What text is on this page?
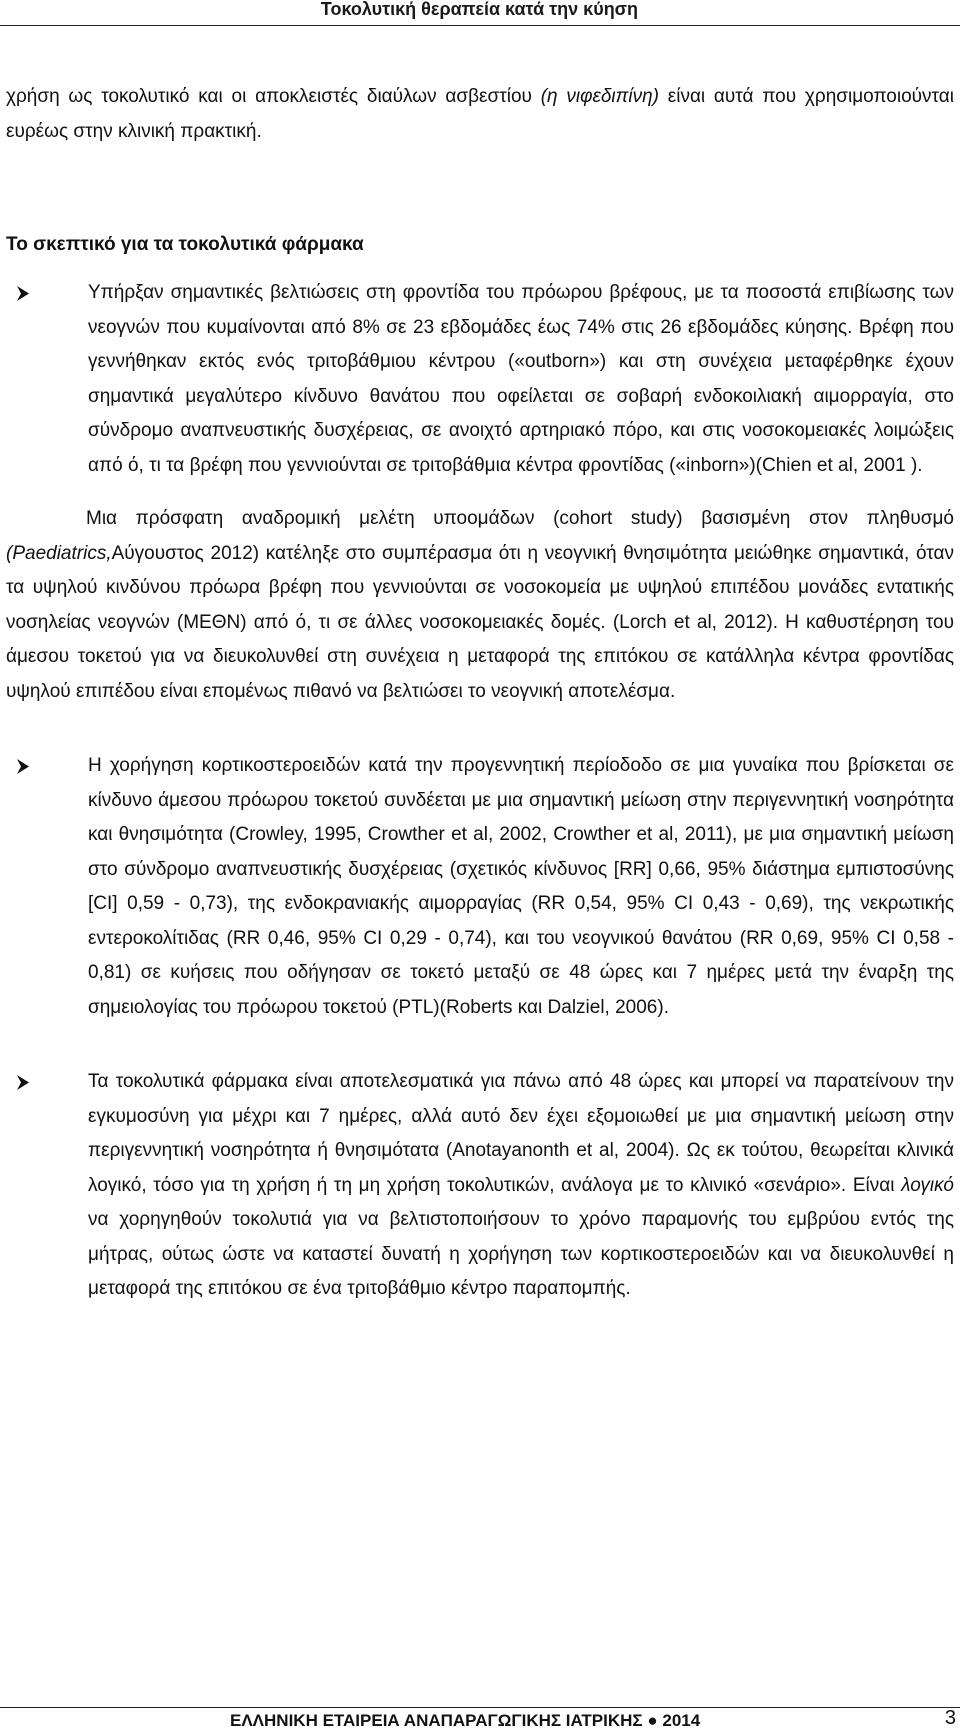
Τοκολυτική θεραπεία κατά την κύηση

χρήση ως τοκολυτικό και οι αποκλειστές διαύλων ασβεστίου (η νιφεδιπίνη) είναι αυτά που χρησιμοποιούνται ευρέως στην κλινική πρακτική.

Το σκεπτικό για τα τοκολυτικά φάρμακα

Υπήρξαν σημαντικές βελτιώσεις στη φροντίδα του πρόωρου βρέφους, με τα ποσοστά επιβίωσης των νεογνών που κυμαίνονται από 8% σε 23 εβδομάδες έως 74% στις 26 εβδομάδες κύησης. Βρέφη που γεννήθηκαν εκτός ενός τριτοβάθμιου κέντρου («outborn») και στη συνέχεια μεταφέρθηκε έχουν σημαντικά μεγαλύτερο κίνδυνο θανάτου που οφείλεται σε σοβαρή ενδοκοιλιακή αιμορραγία, στο σύνδρομο αναπνευστικής δυσχέρειας, σε ανοιχτό αρτηριακό πόρο, και στις νοσοκομειακές λοιμώξεις από ό, τι τα βρέφη που γεννιούνται σε τριτοβάθμια κέντρα φροντίδας («inborn»)(Chien et al, 2001 ).

Μια πρόσφατη αναδρομική μελέτη υποομάδων (cohort study) βασισμένη στον πληθυσμό (Paediatrics,Αύγουστος 2012) κατέληξε στο συμπέρασμα ότι η νεογνική θνησιμότητα μειώθηκε σημαντικά, όταν τα υψηλού κινδύνου πρόωρα βρέφη που γεννιούνται σε νοσοκομεία με υψηλού επιπέδου μονάδες εντατικής νοσηλείας νεογνών (ΜΕΘΝ) από ό, τι σε άλλες νοσοκομειακές δομές. (Lorch et al, 2012). Η καθυστέρηση του άμεσου τοκετού για να διευκολυνθεί στη συνέχεια η μεταφορά της επιτόκου σε κατάλληλα κέντρα φροντίδας υψηλού επιπέδου είναι επομένως πιθανό να βελτιώσει το νεογνική αποτελέσμα.

Η χορήγηση κορτικοστεροειδών κατά την προγεννητική περίοδοδο σε μια γυναίκα που βρίσκεται σε κίνδυνο άμεσου πρόωρου τοκετού συνδέεται με μια σημαντική μείωση στην περιγεννητική νοσηρότητα και θνησιμότητα (Crowley, 1995, Crowther et al, 2002, Crowther et al, 2011), με μια σημαντική μείωση στο σύνδρομο αναπνευστικής δυσχέρειας (σχετικός κίνδυνος [RR] 0,66, 95% διάστημα εμπιστοσύνης [CI] 0,59 - 0,73), της ενδοκρανιακής αιμορραγίας (RR 0,54, 95% CI 0,43 - 0,69), της νεκρωτικής εντεροκολίτιδας (RR 0,46, 95% CI 0,29 - 0,74), και του νεογνικού θανάτου (RR 0,69, 95% CI 0,58 - 0,81) σε κυήσεις που οδήγησαν σε τοκετό μεταξύ σε 48 ώρες και 7 ημέρες μετά την έναρξη της σημειολογίας του πρόωρου τοκετού (PTL)(Roberts και Dalziel, 2006).

Τα τοκολυτικά φάρμακα είναι αποτελεσματικά για πάνω από 48 ώρες και μπορεί να παρατείνουν την εγκυμοσύνη για μέχρι και 7 ημέρες, αλλά αυτό δεν έχει εξομοιωθεί με μια σημαντική μείωση στην περιγεννητική νοσηρότητα ή θνησιμότατα (Anotayanonth et al, 2004). Ως εκ τούτου, θεωρείται κλινικά λογικό, τόσο για τη χρήση ή τη μη χρήση τοκολυτικών, ανάλογα με το κλινικό «σενάριο». Είναι λογικό να χορηγηθούν τοκολυτιά για να βελτιστοποιήσουν το χρόνο παραμονής του εμβρύου εντός της μήτρας, ούτως ώστε να καταστεί δυνατή η χορήγηση των κορτικοστεροειδών και να διευκολυνθεί η μεταφορά της επιτόκου σε ένα τριτοβάθμιο κέντρο παραπομπής.

ΕΛΛΗΝΙΚΗ ΕΤΑΙΡΕΙΑ ΑΝΑΠΑΡΑΓΩΓΙΚΗΣ ΙΑΤΡΙΚΗΣ ● 2014	3
